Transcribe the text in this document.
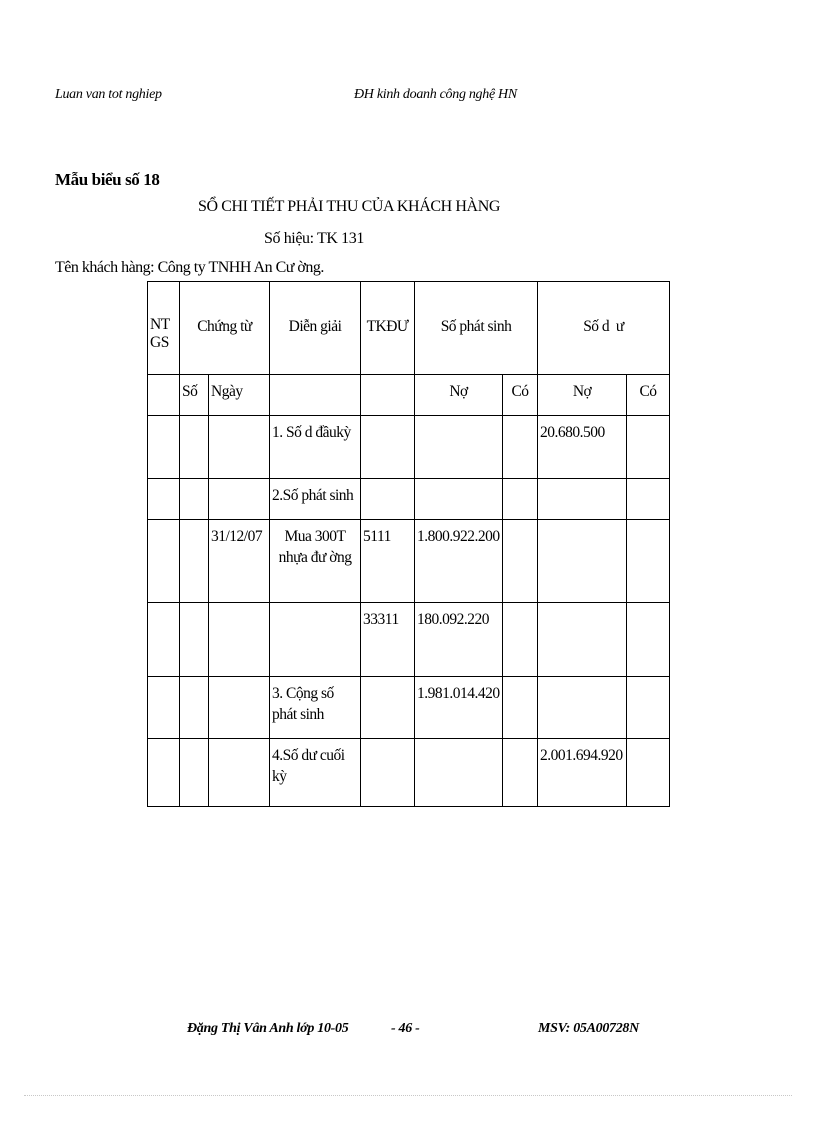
Luan van tot nghiep	ĐH kinh doanh công nghệ HN
Mẫu biểu số 18
SỔ CHI TIẾT PHẢI THU CỦA KHÁCH HÀNG
Số hiệu: TK 131
Tên khách hàng: Công ty TNHH An Cư ờng.
NT GS	Chứng từ		Diễn giải	TKĐƯ	Số phát sinh		Số d  ư	
	Số	Ngày			Nợ	Có	Nợ	Có
			1. Số d đầukỳ				20.680.500	
			2.Số phát sinh					
		31/12/07	Mua 300T nhựa đư ờng	5111	1.800.922.200			
				33311	180.092.220			
			3. Cộng số phát sinh		1.981.014.420			
			4.Số dư cuối kỳ				2.001.694.920	
Đặng Thị Vân Anh lớp 10-05	- 46 -	MSV: 05A00728N
